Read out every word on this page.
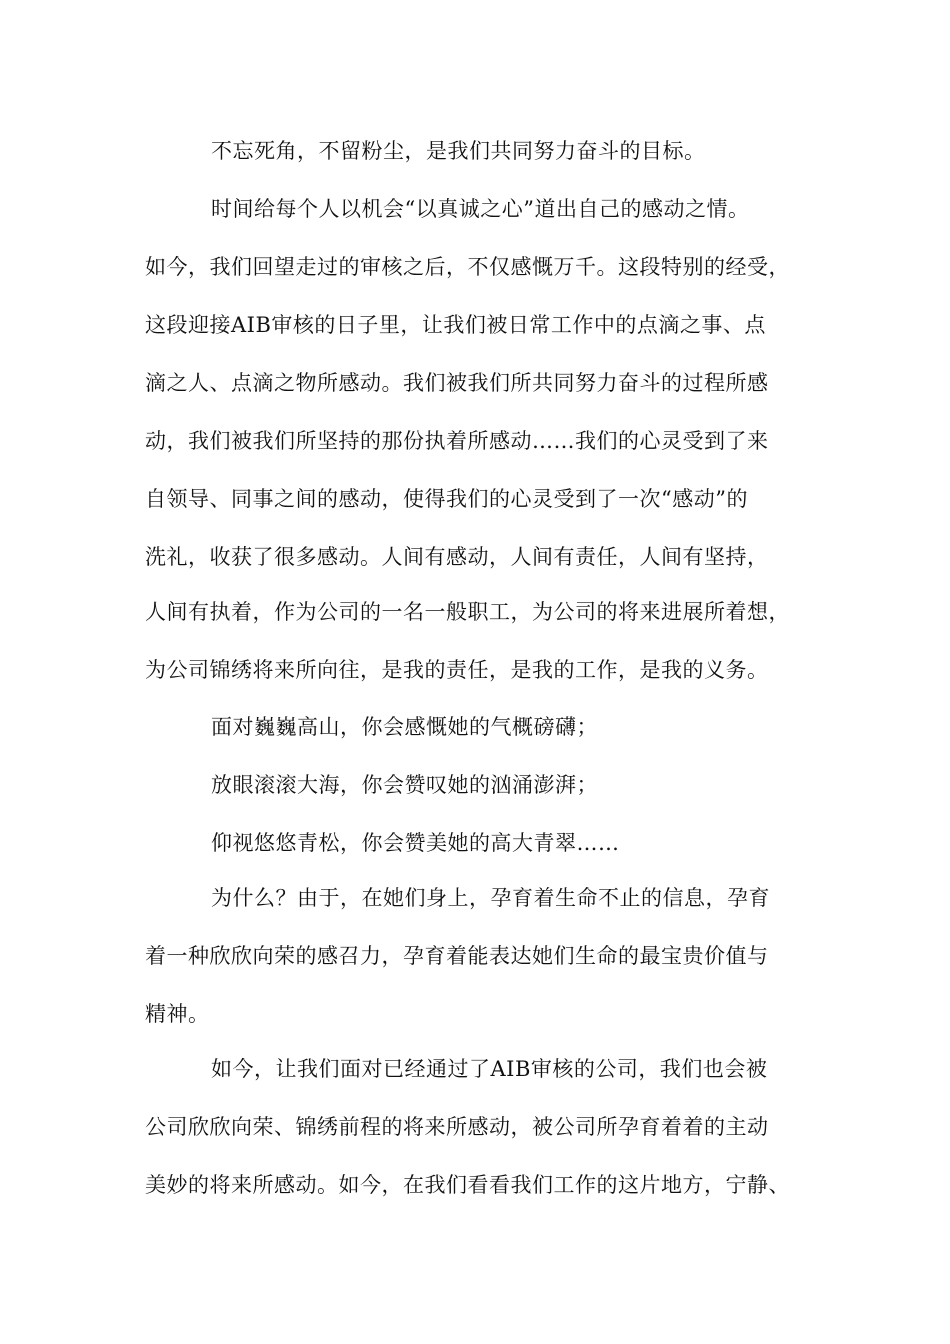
不忘死角，不留粉尘，是我们共同努力奋斗的目标。

时间给每个人以机会“以真诚之心”道出自己的感动之情。

如今，我们回望走过的审核之后，不仅感慨万千。这段特别的经受，

这段迎接AIB审核的日子里，让我们被日常工作中的点滴之事、点

滴之人、点滴之物所感动。我们被我们所共同努力奋斗的过程所感

动，我们被我们所坚持的那份执着所感动……我们的心灵受到了来

自领导、同事之间的感动，使得我们的心灵受到了一次“感动”的

洗礼，收获了很多感动。人间有感动，人间有责任，人间有坚持，

人间有执着，作为公司的一名一般职工，为公司的将来进展所着想，

为公司锦绣将来所向往，是我的责任，是我的工作，是我的义务。

面对巍巍高山，你会感慨她的气概磅礴；

放眼滚滚大海，你会赞叹她的汹涌澎湃；

仰视悠悠青松，你会赞美她的高大青翠……

为什么？由于，在她们身上，孕育着生命不止的信息，孕育

着一种欣欣向荣的感召力，孕育着能表达她们生命的最宝贵价值与

精神。

如今，让我们面对已经通过了AIB审核的公司，我们也会被

公司欣欣向荣、锦绣前程的将来所感动，被公司所孕育着着的主动

美妙的将来所感动。如今，在我们看看我们工作的这片地方，宁静、
